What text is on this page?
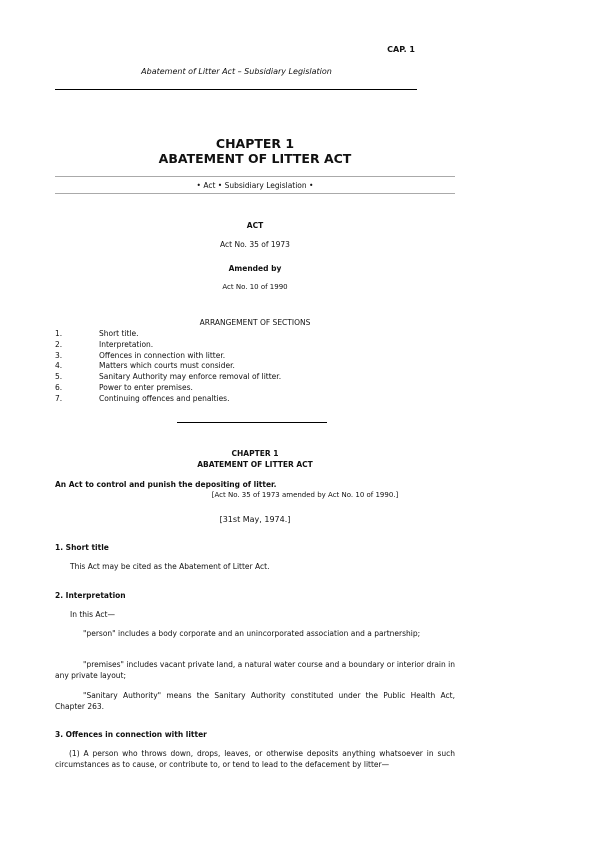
CAP. 1
Abatement of Litter Act – Subsidiary Legislation
CHAPTER 1
ABATEMENT OF LITTER ACT
• Act • Subsidiary Legislation •
ACT
Act No. 35 of 1973
Amended by
Act No. 10 of 1990
ARRANGEMENT OF SECTIONS
1.	Short title.
2.	Interpretation.
3.	Offences in connection with litter.
4.	Matters which courts must consider.
5.	Sanitary Authority may enforce removal of litter.
6.	Power to enter premises.
7.	Continuing offences and penalties.
CHAPTER 1
ABATEMENT OF LITTER ACT
An Act to control and punish the depositing of litter.
[Act No. 35 of 1973 amended by Act No. 10 of 1990.]
[31st May, 1974.]
1. Short title
This Act may be cited as the Abatement of Litter Act.
2. Interpretation
In this Act—
"person" includes a body corporate and an unincorporated association and a partnership;
"premises" includes vacant private land, a natural water course and a boundary or interior drain in any private layout;
"Sanitary Authority" means the Sanitary Authority constituted under the Public Health Act, Chapter 263.
3. Offences in connection with litter
(1) A person who throws down, drops, leaves, or otherwise deposits anything whatsoever in such circumstances as to cause, or contribute to, or tend to lead to the defacement by litter—
